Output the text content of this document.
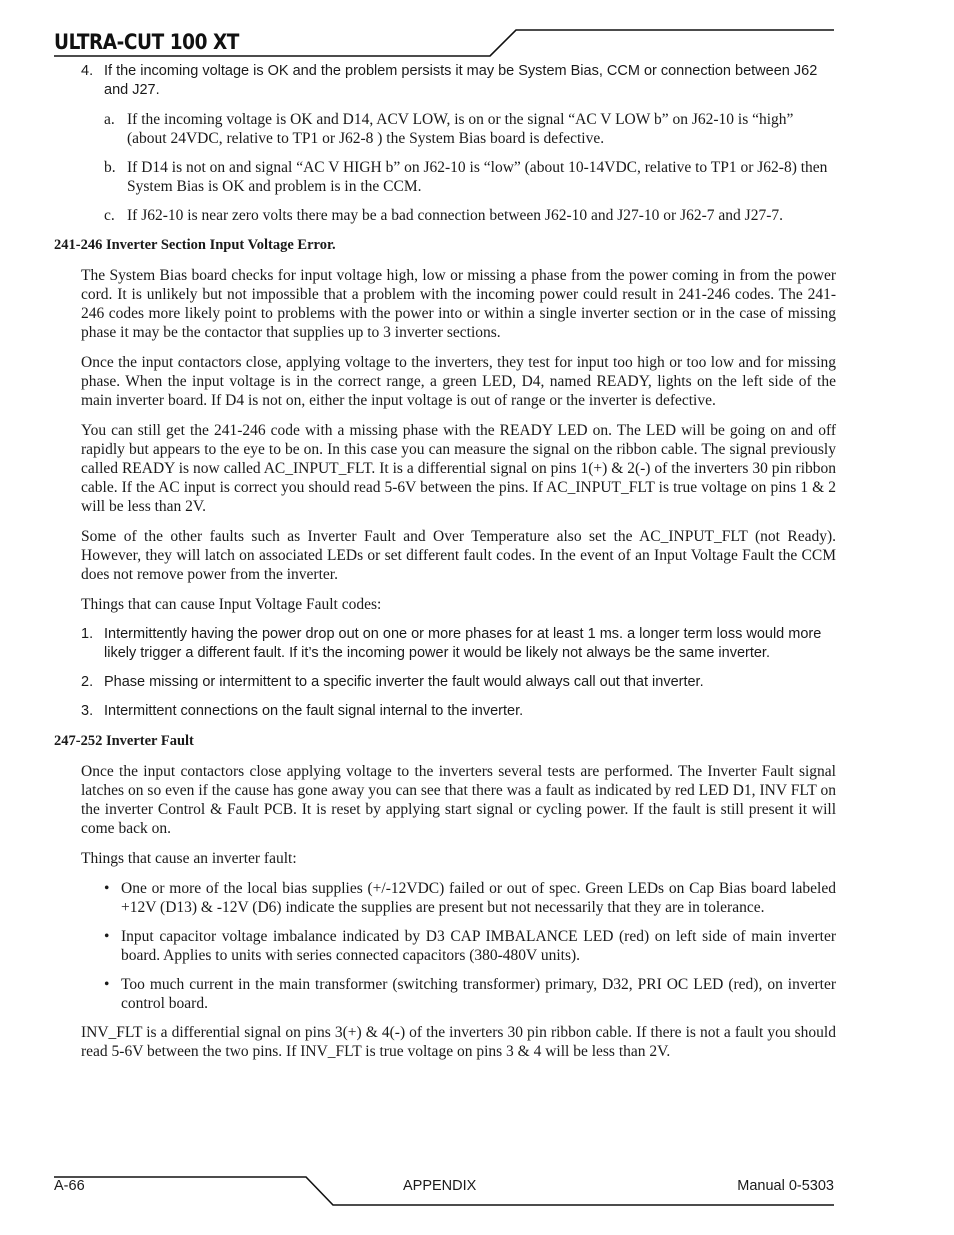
ULTRA-CUT 100 XT
4. If the incoming voltage is OK and the problem persists it may be System Bias, CCM or connection between J62 and J27.
a. If the incoming voltage is OK and D14, ACV LOW, is on or the signal “AC V LOW b” on J62-10 is “high” (about 24VDC, relative to TP1 or J62-8 ) the System Bias board is defective.
b. If D14 is not on and signal “AC V HIGH b” on J62-10 is “low” (about 10-14VDC, relative to TP1 or J62-8) then System Bias is OK and problem is in the CCM.
c. If J62-10 is near zero volts there may be a bad connection between J62-10 and J27-10 or J62-7 and J27-7.
241-246 Inverter Section Input Voltage Error.
The System Bias board checks for input voltage high, low or missing a phase from the power coming in from the power cord. It is unlikely but not impossible that a problem with the incoming power could result in 241-246 codes. The 241-246 codes more likely point to problems with the power into or within a single inverter section or in the case of missing phase it may be the contactor that supplies up to 3 inverter sections.
Once the input contactors close, applying voltage to the inverters, they test for input too high or too low and for missing phase. When the input voltage is in the correct range, a green LED, D4, named READY, lights on the left side of the main inverter board. If D4 is not on, either the input voltage is out of range or the inverter is defective.
You can still get the 241-246 code with a missing phase with the READY LED on. The LED will be going on and off rapidly but appears to the eye to be on. In this case you can measure the signal on the ribbon cable. The signal previously called READY is now called AC_INPUT_FLT. It is a differential signal on pins 1(+) & 2(-) of the inverters 30 pin ribbon cable. If the AC input is correct you should read 5-6V between the pins. If AC_INPUT_FLT is true voltage on pins 1 & 2 will be less than 2V.
Some of the other faults such as Inverter Fault and Over Temperature also set the AC_INPUT_FLT (not Ready). However, they will latch on associated LEDs or set different fault codes. In the event of an Input Voltage Fault the CCM does not remove power from the inverter.
Things that can cause Input Voltage Fault codes:
1. Intermittently having the power drop out on one or more phases for at least 1 ms. a longer term loss would more likely trigger a different fault. If it’s the incoming power it would be likely not always be the same inverter.
2. Phase missing or intermittent to a specific inverter the fault would always call out that inverter.
3. Intermittent connections on the fault signal internal to the inverter.
247-252 Inverter Fault
Once the input contactors close applying voltage to the inverters several tests are performed. The Inverter Fault signal latches on so even if the cause has gone away you can see that there was a fault as indicated by red LED D1, INV FLT on the inverter Control & Fault PCB. It is reset by applying start signal or cycling power. If the fault is still present it will come back on.
Things that cause an inverter fault:
• One or more of the local bias supplies (+/-12VDC) failed or out of spec. Green LEDs on Cap Bias board labeled +12V (D13) & -12V (D6) indicate the supplies are present but not necessarily that they are in tolerance.
• Input capacitor voltage imbalance indicated by D3 CAP IMBALANCE LED (red) on left side of main inverter board. Applies to units with series connected capacitors (380-480V units).
• Too much current in the main transformer (switching transformer) primary, D32, PRI OC LED (red), on inverter control board.
INV_FLT is a differential signal on pins 3(+) & 4(-) of the inverters 30 pin ribbon cable. If there is not a fault you should read 5-6V between the two pins. If INV_FLT is true voltage on pins 3 & 4 will be less than 2V.
A-66	APPENDIX	Manual 0-5303
